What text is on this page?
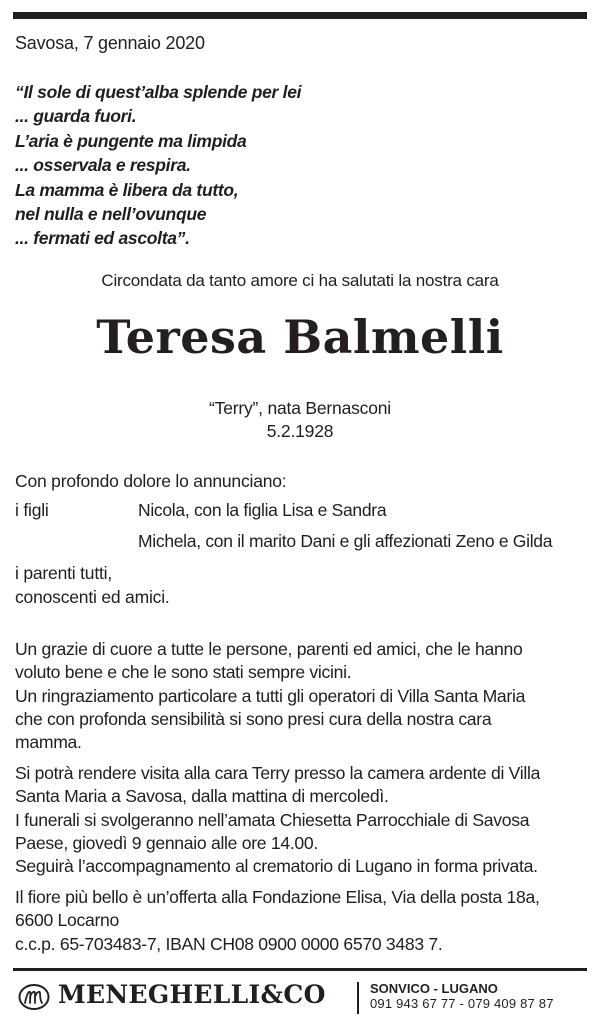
Savosa, 7 gennaio 2020
“Il sole di quest’alba splende per lei
... guarda fuori.
L’aria è pungente ma limpida
... osservala e respira.
La mamma è libera da tutto,
nel nulla e nell’ovunque
... fermati ed ascolta”.
Circondata da tanto amore ci ha salutati la nostra cara
Teresa Balmelli
“Terry”, nata Bernasconi
5.2.1928
Con profondo dolore lo annunciano:
i figli	Nicola, con la figlia Lisa e Sandra
Michela, con il marito Dani e gli affezionati Zeno e Gilda
i parenti tutti,
conoscenti ed amici.
Un grazie di cuore a tutte le persone, parenti ed amici, che le hanno
voluto bene e che le sono stati sempre vicini.
Un ringraziamento particolare a tutti gli operatori di Villa Santa Maria
che con profonda sensibilità si sono presi cura della nostra cara
mamma.
Si potrà rendere visita alla cara Terry presso la camera ardente di Villa
Santa Maria a Savosa, dalla mattina di mercoledì.
I funerali si svolgeranno nell’amata Chiesetta Parrocchiale di Savosa
Paese, giovedì 9 gennaio alle ore 14.00.
Seguirà l’accompagnamento al crematorio di Lugano in forma privata.
Il fiore più bello è un’offerta alla Fondazione Elisa, Via della posta 18a,
6600 Locarno
c.c.p. 65-703483-7, IBAN CH08 0900 0000 6570 3483 7.
MENEGHELLI&CO	SONVICO - LUGANO
091 943 67 77 - 079 409 87 87
